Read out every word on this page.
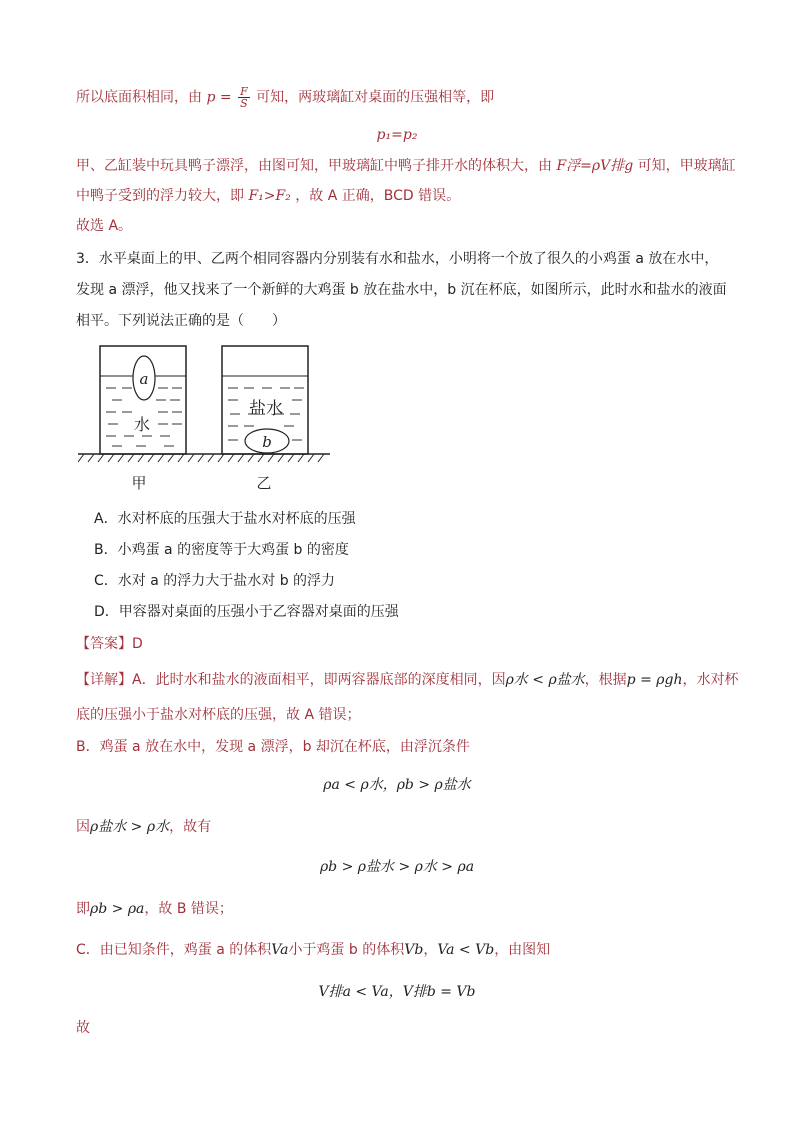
所以底面积相同，由 $p = \frac{F}{S}$ 可知，两玻璃缸对桌面的压强相等，即
p₁=p₂
甲、乙缸装中玩具鸭子漂浮，由图可知，甲玻璃缸中鸭子排开水的体积大，由 F浮=ρV排g 可知，甲玻璃缸
中鸭子受到的浮力较大，即 F₁>F₂ ，故 A 正确，BCD 错误。
故选 A。
3．水平桌面上的甲、乙两个相同容器内分别装有水和盐水，小明将一个放了很久的小鸡蛋 a 放在水中，
发现 a 漂浮，他又找来了一个新鲜的大鸡蛋 b 放在盐水中，b 沉在杯底，如图所示，此时水和盐水的液面
相平。下列说法正确的是（　　）
a
水
盐水
b
甲	乙
A．水对杯底的压强大于盐水对杯底的压强
B．小鸡蛋 a 的密度等于大鸡蛋 b 的密度
C．水对 a 的浮力大于盐水对 b 的浮力
D．甲容器对桌面的压强小于乙容器对桌面的压强
【答案】D
【详解】A．此时水和盐水的液面相平，即两容器底部的深度相同，因ρ水 < ρ盐水，根据p = ρgh，水对杯
底的压强小于盐水对杯底的压强，故 A 错误；
B．鸡蛋 a 放在水中，发现 a 漂浮，b 却沉在杯底，由浮沉条件
ρa < ρ水，ρb > ρ盐水
因ρ盐水 > ρ水，故有
ρb > ρ盐水 > ρ水 > ρa
即ρb > ρa，故 B 错误；
C．由已知条件，鸡蛋 a 的体积Va小于鸡蛋 b 的体积Vb，Va < Vb，由图知
V排a < Va，V排b = Vb
故
